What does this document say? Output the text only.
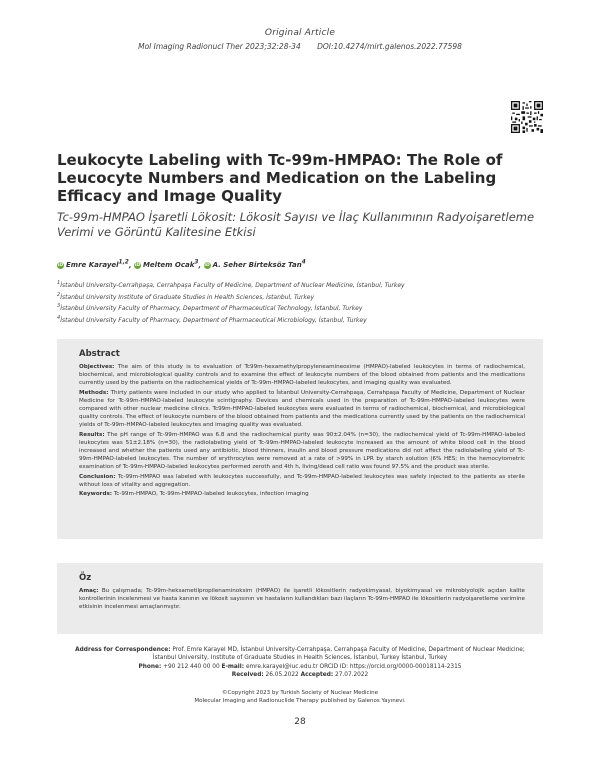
Original Article
Mol Imaging Radionucl Ther 2023;32:28-34 DOI:10.4274/mirt.galenos.2022.77598
Leukocyte Labeling with Tc-99m-HMPAO: The Role of Leucocyte Numbers and Medication on the Labeling Efficacy and Image Quality
Tc-99m-HMPAO İşaretli Lökosit: Lökosit Sayısı ve İlaç Kullanımının Radyoişaretleme Verimi ve Görüntü Kalitesine Etkisi
iD Emre Karayel$^{1,2}$, iD Meltem Ocak$^3$, iD A. Seher Birteksöz Tan$^4$
$^1$İstanbul University-Cerrahpaşa, Cerrahpaşa Faculty of Medicine, Department of Nuclear Medicine, İstanbul, Turkey
$^2$İstanbul University Institute of Graduate Studies in Health Sciences, İstanbul, Turkey
$^3$İstanbul University Faculty of Pharmacy, Department of Pharmaceutical Technology, İstanbul, Turkey
$^4$İstanbul University Faculty of Pharmacy, Department of Pharmaceutical Microbiology, İstanbul, Turkey
Abstract
Objectives: The aim of this study is to evaluation of Tc99m-hexamethylpropyleneamineoxime (HMPAO)-labeled leukocytes in terms of radiochemical, biochemical, and microbiological quality controls and to examine the effect of leukocyte numbers of the blood obtained from patients and the medications currently used by the patients on the radiochemical yields of Tc-99m-HMPAO-labeled leukocytes, and imaging quality was evaluated.
Methods: Thirty patients were included in our study who applied to İstanbul University-Cerrahpaşa, Cerrahpaşa Faculty of Medicine, Department of Nuclear Medicine for Tc-99m-HMPAO-labeled leukocyte scintigraphy. Devices and chemicals used in the preparation of Tc-99m-HMPAO-labeled leukocytes were compared with other nuclear medicine clinics. Tc99m-HMPAO-labeled leukocytes were evaluated in terms of radiochemical, biochemical, and microbiological quality controls. The effect of leukocyte numbers of the blood obtained from patients and the medications currently used by the patients on the radiochemical yields of Tc-99m-HMPAO-labeled leukocytes and imaging quality was evaluated.
Results: The pH range of Tc-99m-HMPAO was 6.8 and the radiochemical purity was 90±2.04% (n=30), the radiochemical yield of Tc-99m-HMPAO-labeled leukocytes was 51±2.18% (n=30), the radiolabeling yield of Tc-99m-HMPAO-labeled leukocyte increased as the amount of white blood cell in the blood increased and whether the patients used any antibiotic, blood thinners, insulin and blood pressure medications did not affect the radiolabeling yield of Tc-99m-HMPAO-labeled leukocytes. The number of erythrocytes were removed at a rate of >99% in LPR by starch solution (6% HES; in the hemocytometric examination of Tc-99m-HMPAO-labeled leukocytes performed zeroth and 4th h, living/dead cell ratio was found 97.5% and the product was sterile.
Conclusion: Tc-99m-HMPAO was labeled with leukocytes successfully, and Tc-99m-HMPAO-labeled leukocytes was safely injected to the patients as sterile without loss of vitality and aggregation.
Keywords: Tc-99m-HMPAO, Tc-99m-HMPAO-labeled leukocytes, infection imaging
Öz
Amaç: Bu çalışmada; Tc-99m-heksametilpropilenaminoksim (HMPAO) ile işaretli lökositlerin radyokimyasal, biyokimyasal ve mikrobiyolojik açıdan kalite kontrollerinin incelenmesi ve hasta kanının ve lökosit sayısının ve hastaların kullandıkları bazı ilaçların Tc-99m-HMPAO ile lökositlerin radyoişaretleme verimine etkisinin incelenmesi amaçlanmıştır.
Address for Correspondence: Prof. Emre Karayel MD, İstanbul University-Cerrahpaşa, Cerrahpaşa Faculty of Medicine, Department of Nuclear Medicine;
İstanbul University, Institute of Graduate Studies in Health Sciences, İstanbul, Turkey İstanbul, Turkey
Phone: +90 212 440 00 00 E-mail: emre.karayel@iuc.edu.tr ORCID ID: https://orcid.org/0000-00018114-2315
Received: 26.05.2022 Accepted: 27.07.2022
©Copyright 2023 by Turkish Society of Nuclear Medicine
Molecular Imaging and Radionuclide Therapy published by Galenos Yayınevi.
28
